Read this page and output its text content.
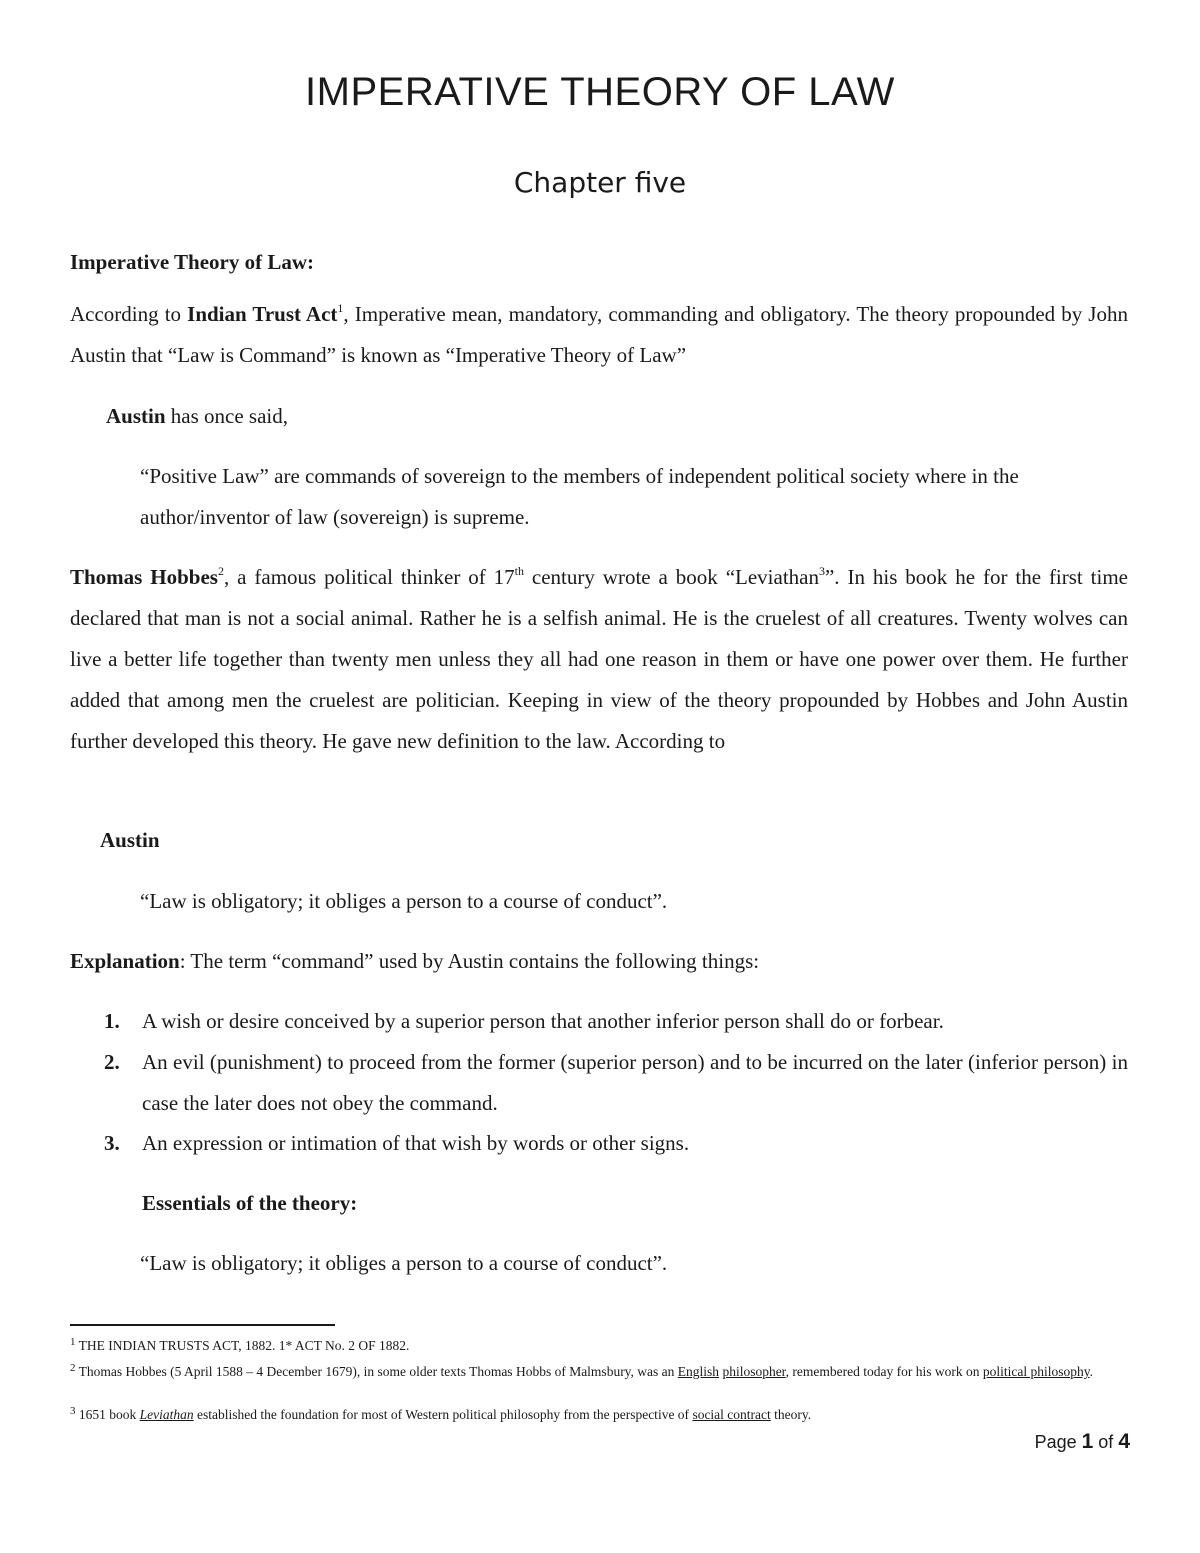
IMPERATIVE THEORY OF LAW
Chapter five
Imperative Theory of Law:
According to Indian Trust Act$^1$, Imperative mean, mandatory, commanding and obligatory. The theory propounded by John Austin that “Law is Command” is known as “Imperative Theory of Law”
Austin has once said,
“Positive Law” are commands of sovereign to the members of independent political society where in the author/inventor of law (sovereign) is supreme.
Thomas Hobbes$^2$, a famous political thinker of 17th century wrote a book “Leviathan$^3$”. In his book he for the first time declared that man is not a social animal. Rather he is a selfish animal. He is the cruelest of all creatures. Twenty wolves can live a better life together than twenty men unless they all had one reason in them or have one power over them. He further added that among men the cruelest are politician. Keeping in view of the theory propounded by Hobbes and John Austin further developed this theory. He gave new definition to the law. According to
Austin
“Law is obligatory; it obliges a person to a course of conduct”.
Explanation: The term “command” used by Austin contains the following things:
1. A wish or desire conceived by a superior person that another inferior person shall do or forbear.
2. An evil (punishment) to proceed from the former (superior person) and to be incurred on the later (inferior person) in case the later does not obey the command.
3. An expression or intimation of that wish by words or other signs.
Essentials of the theory:
“Law is obligatory; it obliges a person to a course of conduct”.
$^1$ THE INDIAN TRUSTS ACT, 1882. 1* ACT No. 2 OF 1882.
$^2$ Thomas Hobbes (5 April 1588 – 4 December 1679), in some older texts Thomas Hobbs of Malmsbury, was an English philosopher, remembered today for his work on political philosophy.
$^3$ 1651 book Leviathan established the foundation for most of Western political philosophy from the perspective of social contract theory.
Page 1 of 4
